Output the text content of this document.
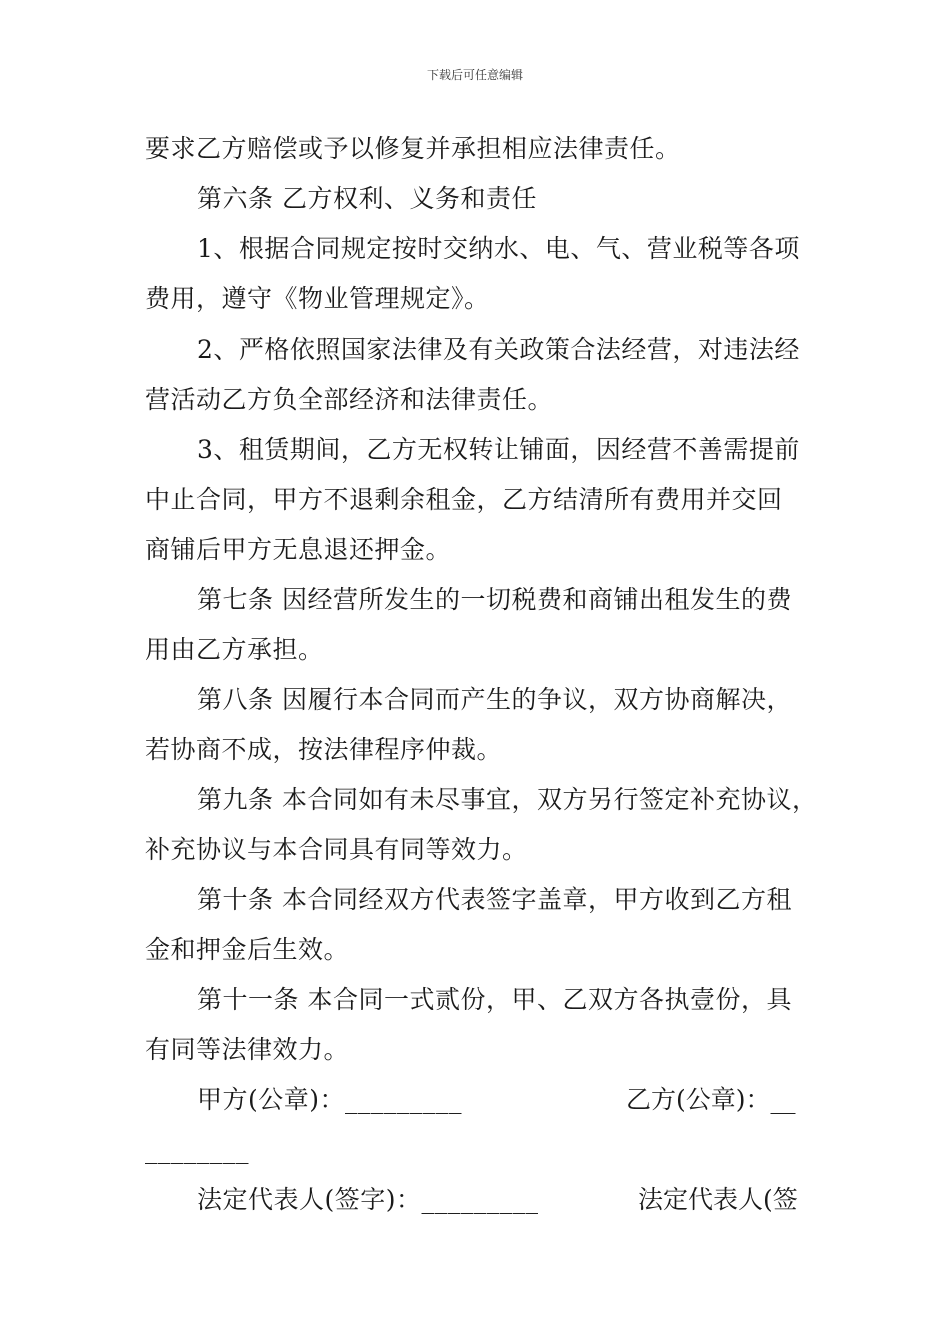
下载后可任意编辑
要求乙方赔偿或予以修复并承担相应法律责任。
第六条 乙方权利、义务和责任
1、根据合同规定按时交纳水、电、气、营业税等各项
费用，遵守《物业管理规定》。
2、严格依照国家法律及有关政策合法经营，对违法经
营活动乙方负全部经济和法律责任。
3、租赁期间，乙方无权转让铺面，因经营不善需提前
中止合同，甲方不退剩余租金，乙方结清所有费用并交回
商铺后甲方无息退还押金。
第七条 因经营所发生的一切税费和商铺出租发生的费
用由乙方承担。
第八条 因履行本合同而产生的争议，双方协商解决，
若协商不成，按法律程序仲裁。
第九条 本合同如有未尽事宜，双方另行签定补充协议，
补充协议与本合同具有同等效力。
第十条 本合同经双方代表签字盖章，甲方收到乙方租
金和押金后生效。
第十一条 本合同一式贰份，甲、乙双方各执壹份，具
有同等法律效力。
甲方(公章)：_________	乙方(公章)：__
________
法定代表人(签字)：_________	法定代表人(签
